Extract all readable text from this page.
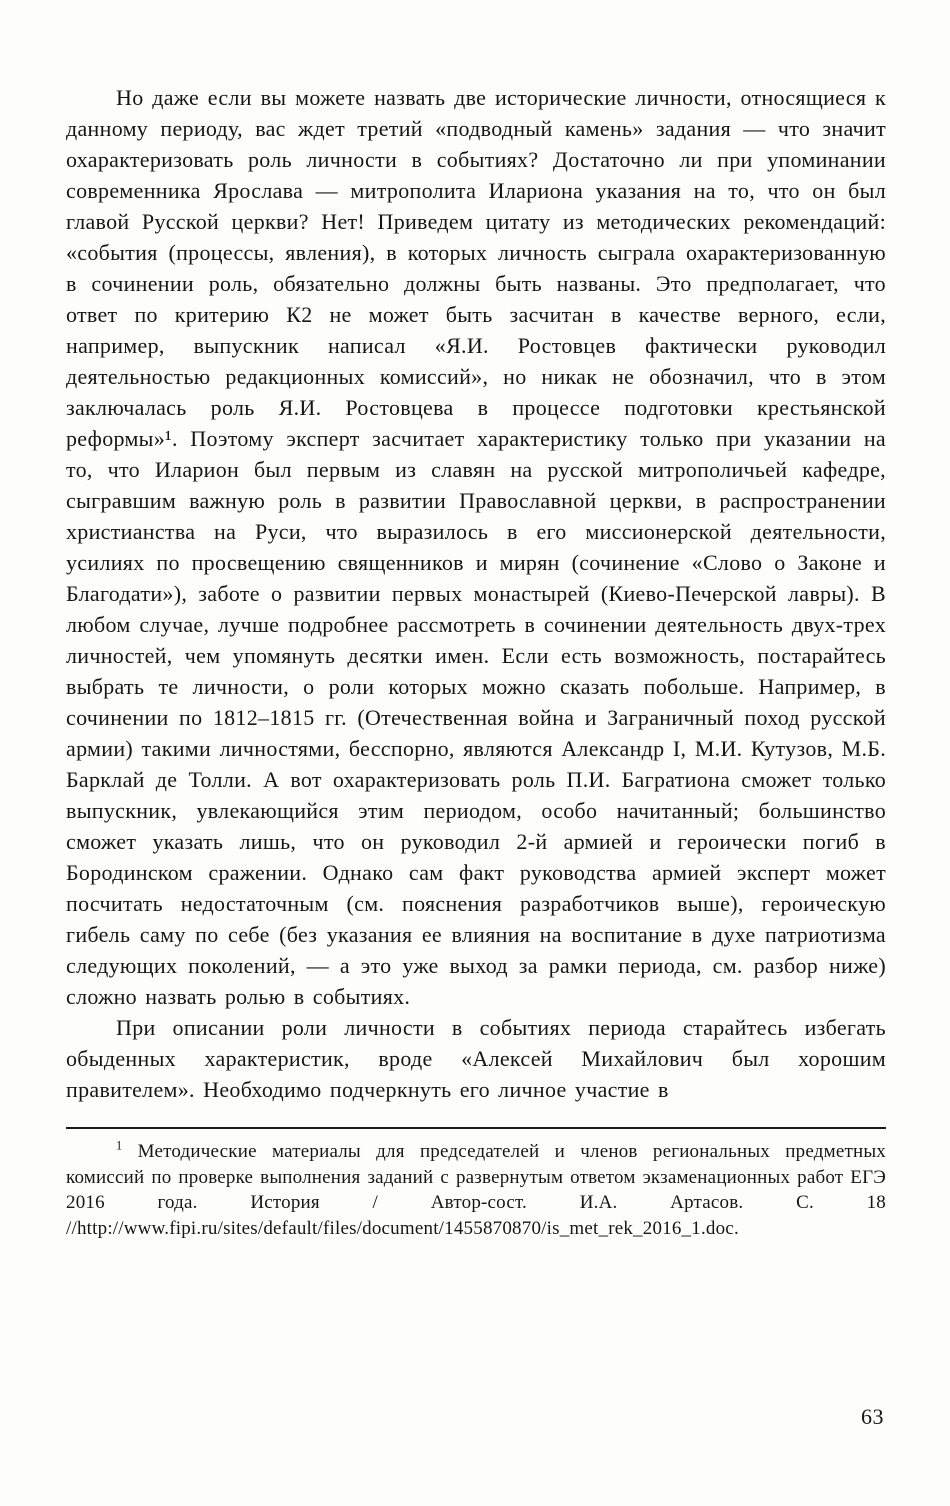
Но даже если вы можете назвать две исторические личности, относящиеся к данному периоду, вас ждет третий «подводный камень» задания — что значит охарактеризовать роль личности в событиях? Достаточно ли при упоминании современника Ярослава — митрополита Илариона указания на то, что он был главой Русской церкви? Нет! Приведем цитату из методических рекомендаций: «события (процессы, явления), в которых личность сыграла охарактеризованную в сочинении роль, обязательно должны быть названы. Это предполагает, что ответ по критерию К2 не может быть засчитан в качестве верного, если, например, выпускник написал «Я.И. Ростовцев фактически руководил деятельностью редакционных комиссий», но никак не обозначил, что в этом заключалась роль Я.И. Ростовцева в процессе подготовки крестьянской реформы»¹. Поэтому эксперт засчитает характеристику только при указании на то, что Иларион был первым из славян на русской митрополичьей кафедре, сыгравшим важную роль в развитии Православной церкви, в распространении христианства на Руси, что выразилось в его миссионерской деятельности, усилиях по просвещению священников и мирян (сочинение «Слово о Законе и Благодати»), заботе о развитии первых монастырей (Киево-Печерской лавры). В любом случае, лучше подробнее рассмотреть в сочинении деятельность двух-трех личностей, чем упомянуть десятки имен. Если есть возможность, постарайтесь выбрать те личности, о роли которых можно сказать побольше. Например, в сочинении по 1812–1815 гг. (Отечественная война и Заграничный поход русской армии) такими личностями, бесспорно, являются Александр I, М.И. Кутузов, М.Б. Барклай де Толли. А вот охарактеризовать роль П.И. Багратиона сможет только выпускник, увлекающийся этим периодом, особо начитанный; большинство сможет указать лишь, что он руководил 2-й армией и героически погиб в Бородинском сражении. Однако сам факт руководства армией эксперт может посчитать недостаточным (см. пояснения разработчиков выше), героическую гибель саму по себе (без указания ее влияния на воспитание в духе патриотизма следующих поколений, — а это уже выход за рамки периода, см. разбор ниже) сложно назвать ролью в событиях.

При описании роли личности в событиях периода старайтесь избегать обыденных характеристик, вроде «Алексей Михайлович был хорошим правителем». Необходимо подчеркнуть его личное участие в

$^1$ Методические материалы для председателей и членов региональных предметных комиссий по проверке выполнения заданий с развернутым ответом экзаменационных работ ЕГЭ 2016 года. История / Автор-сост. И.А. Артасов. С. 18 //http://www.fipi.ru/sites/default/files/document/1455870870/is_met_rek_2016_1.doc.

63
